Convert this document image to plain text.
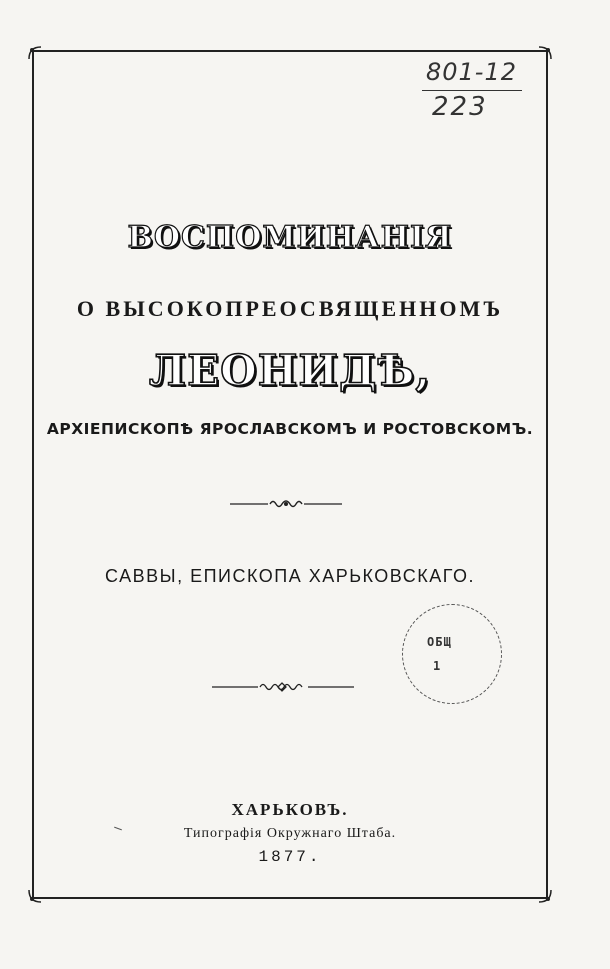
801-12
223
ВОСПОМИНАНІЯ
О ВЫСОКОПРЕОСВЯЩЕННОМЪ
ЛЕОНИДѢ,
АРХІЕПИСКОПѢ ЯРОСЛАВСКОМЪ И РОСТОВСКОМЪ.
САВВЫ, ЕПИСКОПА ХАРЬКОВСКАГО.
ОБЩ
1
ХАРЬКОВЪ.
Типографія Окружнаго Штаба.
1877.
